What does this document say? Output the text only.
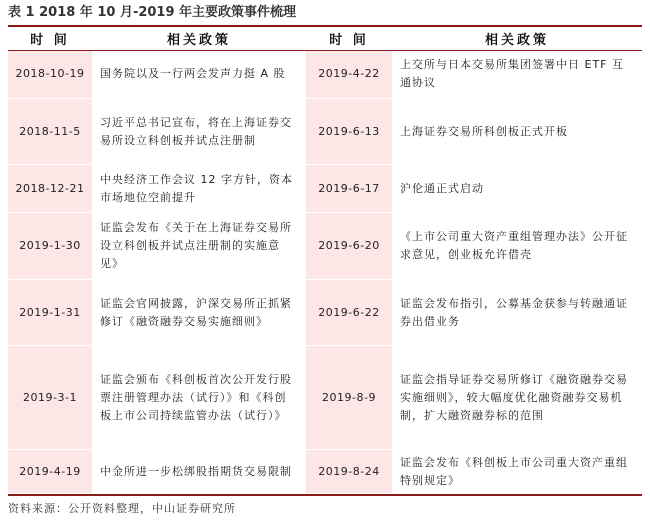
表 1 2018 年 10 月-2019 年主要政策事件梳理
时 间	相关政策	时 间	相关政策
2018-10-19	国务院以及一行两会发声力挺 A 股	2019-4-22	上交所与日本交易所集团签署中日 ETF 互通协议
2018-11-5	习近平总书记宣布，将在上海证券交易所设立科创板并试点注册制	2019-6-13	上海证券交易所科创板正式开板
2018-12-21	中央经济工作会议 12 字方针，资本市场地位空前提升	2019-6-17	沪伦通正式启动
2019-1-30	证监会发布《关于在上海证券交易所设立科创板并试点注册制的实施意见》	2019-6-20	《上市公司重大资产重组管理办法》公开征求意见，创业板允许借壳
2019-1-31	证监会官网披露，沪深交易所正抓紧修订《融资融券交易实施细则》	2019-6-22	证监会发布指引，公募基金获参与转融通证券出借业务
2019-3-1	证监会颁布《科创板首次公开发行股票注册管理办法（试行）》和《科创板上市公司持续监管办法（试行）》	2019-8-9	证监会指导证券交易所修订《融资融券交易实施细则》，较大幅度优化融资融券交易机制，扩大融资融券标的范围
2019-4-19	中金所进一步松绑股指期货交易限制	2019-8-24	证监会发布《科创板上市公司重大资产重组特别规定》
资料来源：公开资料整理，中山证券研究所
